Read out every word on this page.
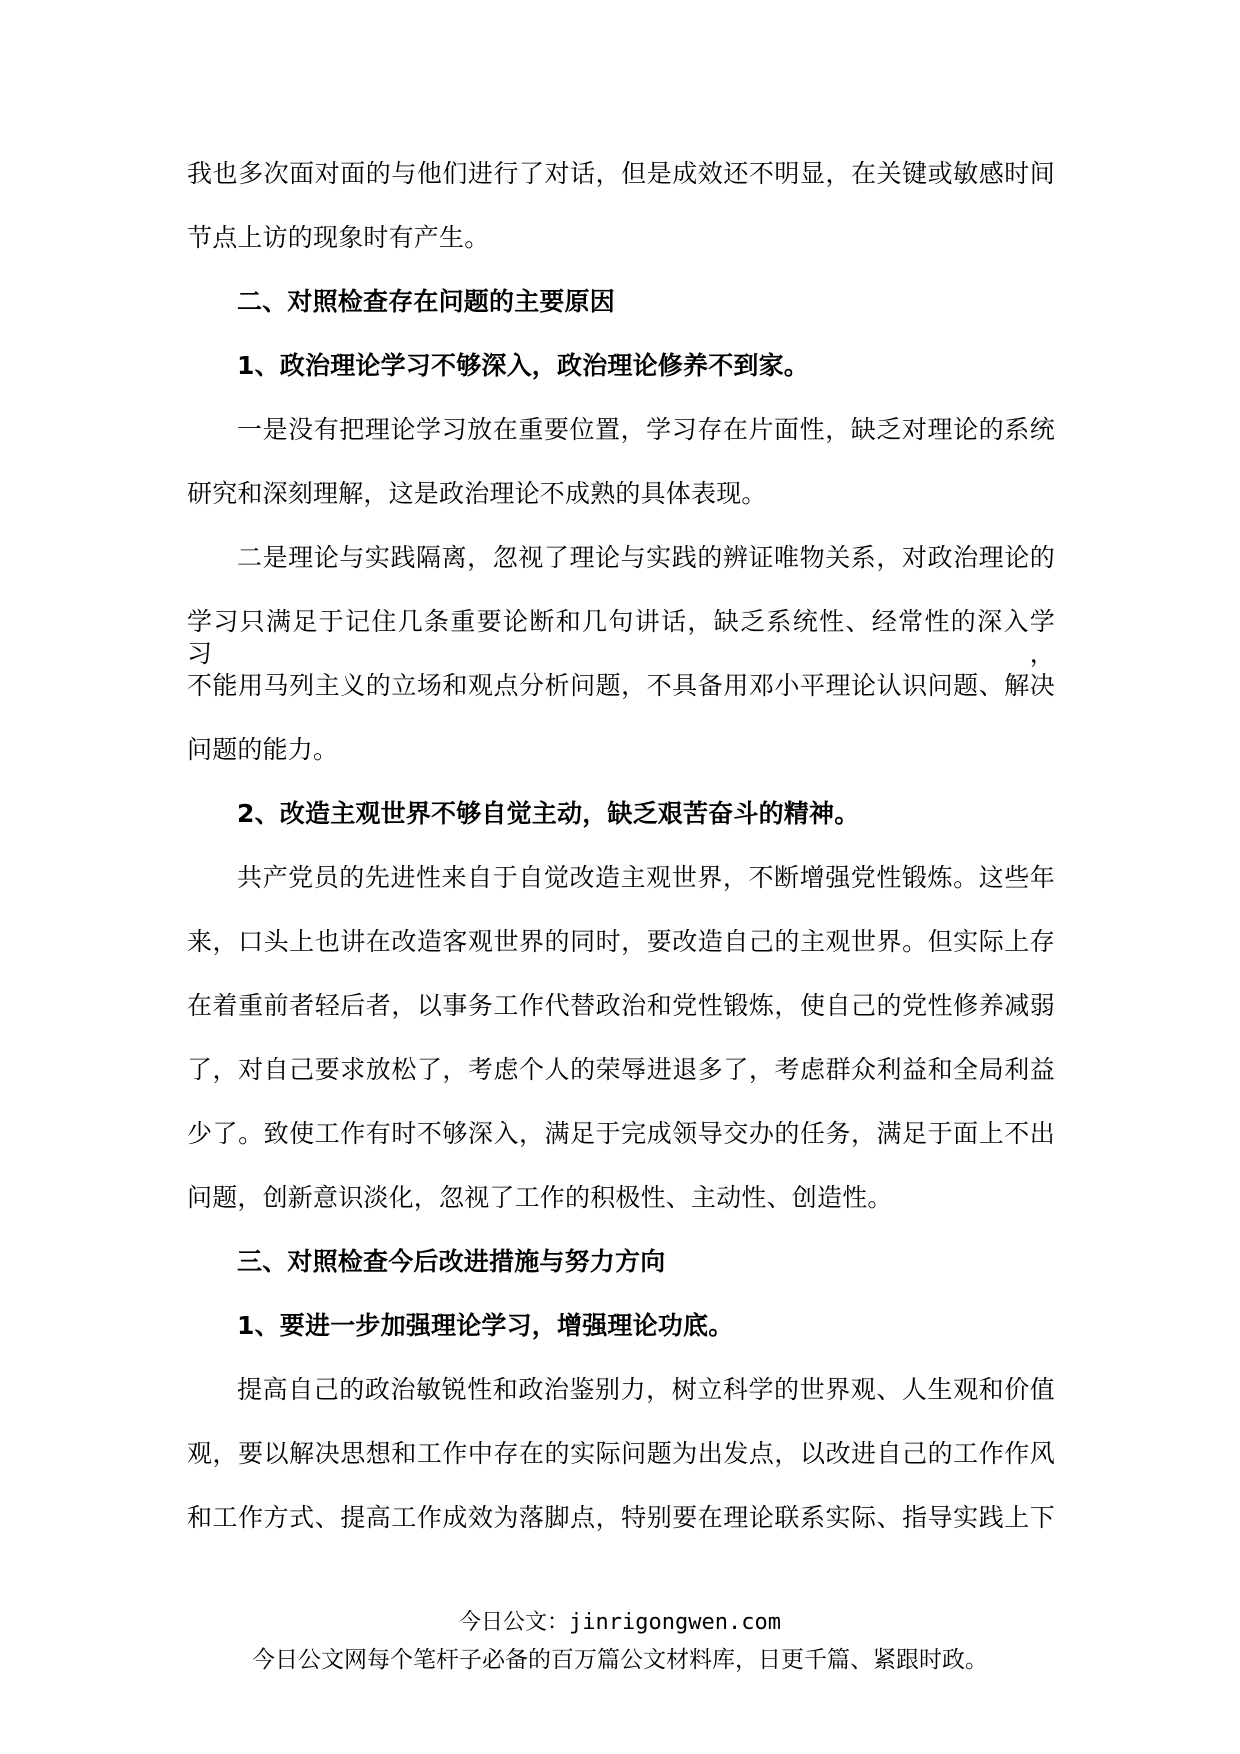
我也多次面对面的与他们进行了对话，但是成效还不明显，在关键或敏感时间
节点上访的现象时有产生。
二、对照检查存在问题的主要原因
1、政治理论学习不够深入，政治理论修养不到家。
一是没有把理论学习放在重要位置，学习存在片面性，缺乏对理论的系统
研究和深刻理解，这是政治理论不成熟的具体表现。
二是理论与实践隔离，忽视了理论与实践的辨证唯物关系，对政治理论的
学习只满足于记住几条重要论断和几句讲话，缺乏系统性、经常性的深入学习，
不能用马列主义的立场和观点分析问题，不具备用邓小平理论认识问题、解决
问题的能力。
2、改造主观世界不够自觉主动，缺乏艰苦奋斗的精神。
共产党员的先进性来自于自觉改造主观世界，不断增强党性锻炼。这些年
来，口头上也讲在改造客观世界的同时，要改造自己的主观世界。但实际上存
在着重前者轻后者，以事务工作代替政治和党性锻炼，使自己的党性修养减弱
了，对自己要求放松了，考虑个人的荣辱进退多了，考虑群众利益和全局利益
少了。致使工作有时不够深入，满足于完成领导交办的任务，满足于面上不出
问题，创新意识淡化，忽视了工作的积极性、主动性、创造性。
三、对照检查今后改进措施与努力方向
1、要进一步加强理论学习，增强理论功底。
提高自己的政治敏锐性和政治鉴别力，树立科学的世界观、人生观和价值
观，要以解决思想和工作中存在的实际问题为出发点，以改进自己的工作作风
和工作方式、提高工作成效为落脚点，特别要在理论联系实际、指导实践上下
今日公文：jinrigongwen.com
今日公文网每个笔杆子必备的百万篇公文材料库，日更千篇、紧跟时政。
